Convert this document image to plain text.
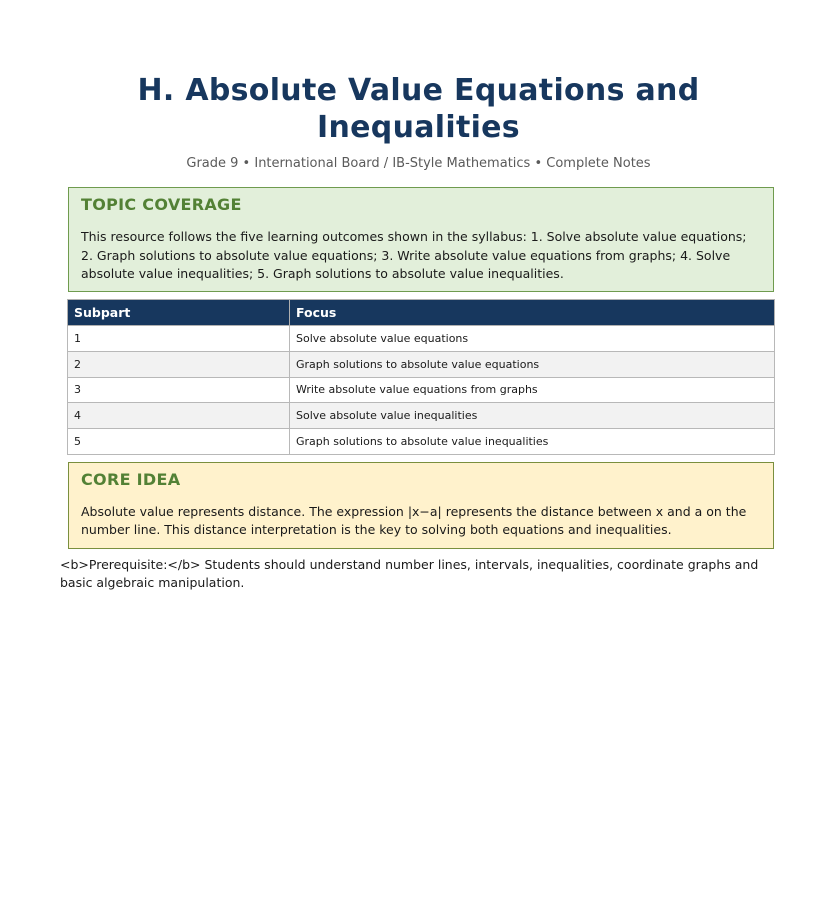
H. Absolute Value Equations and Inequalities

Grade 9 • International Board / IB-Style Mathematics • Complete Notes

TOPIC COVERAGE

This resource follows the five learning outcomes shown in the syllabus: 1. Solve absolute value equations; 2. Graph solutions to absolute value equations; 3. Write absolute value equations from graphs; 4. Solve absolute value inequalities; 5. Graph solutions to absolute value inequalities.

Subpart	Focus
1	Solve absolute value equations
2	Graph solutions to absolute value equations
3	Write absolute value equations from graphs
4	Solve absolute value inequalities
5	Graph solutions to absolute value inequalities
CORE IDEA

Absolute value represents distance. The expression |x−a| represents the distance between x and a on the number line. This distance interpretation is the key to solving both equations and inequalities.

<b>Prerequisite:</b> Students should understand number lines, intervals, inequalities, coordinate graphs and basic algebraic manipulation.
